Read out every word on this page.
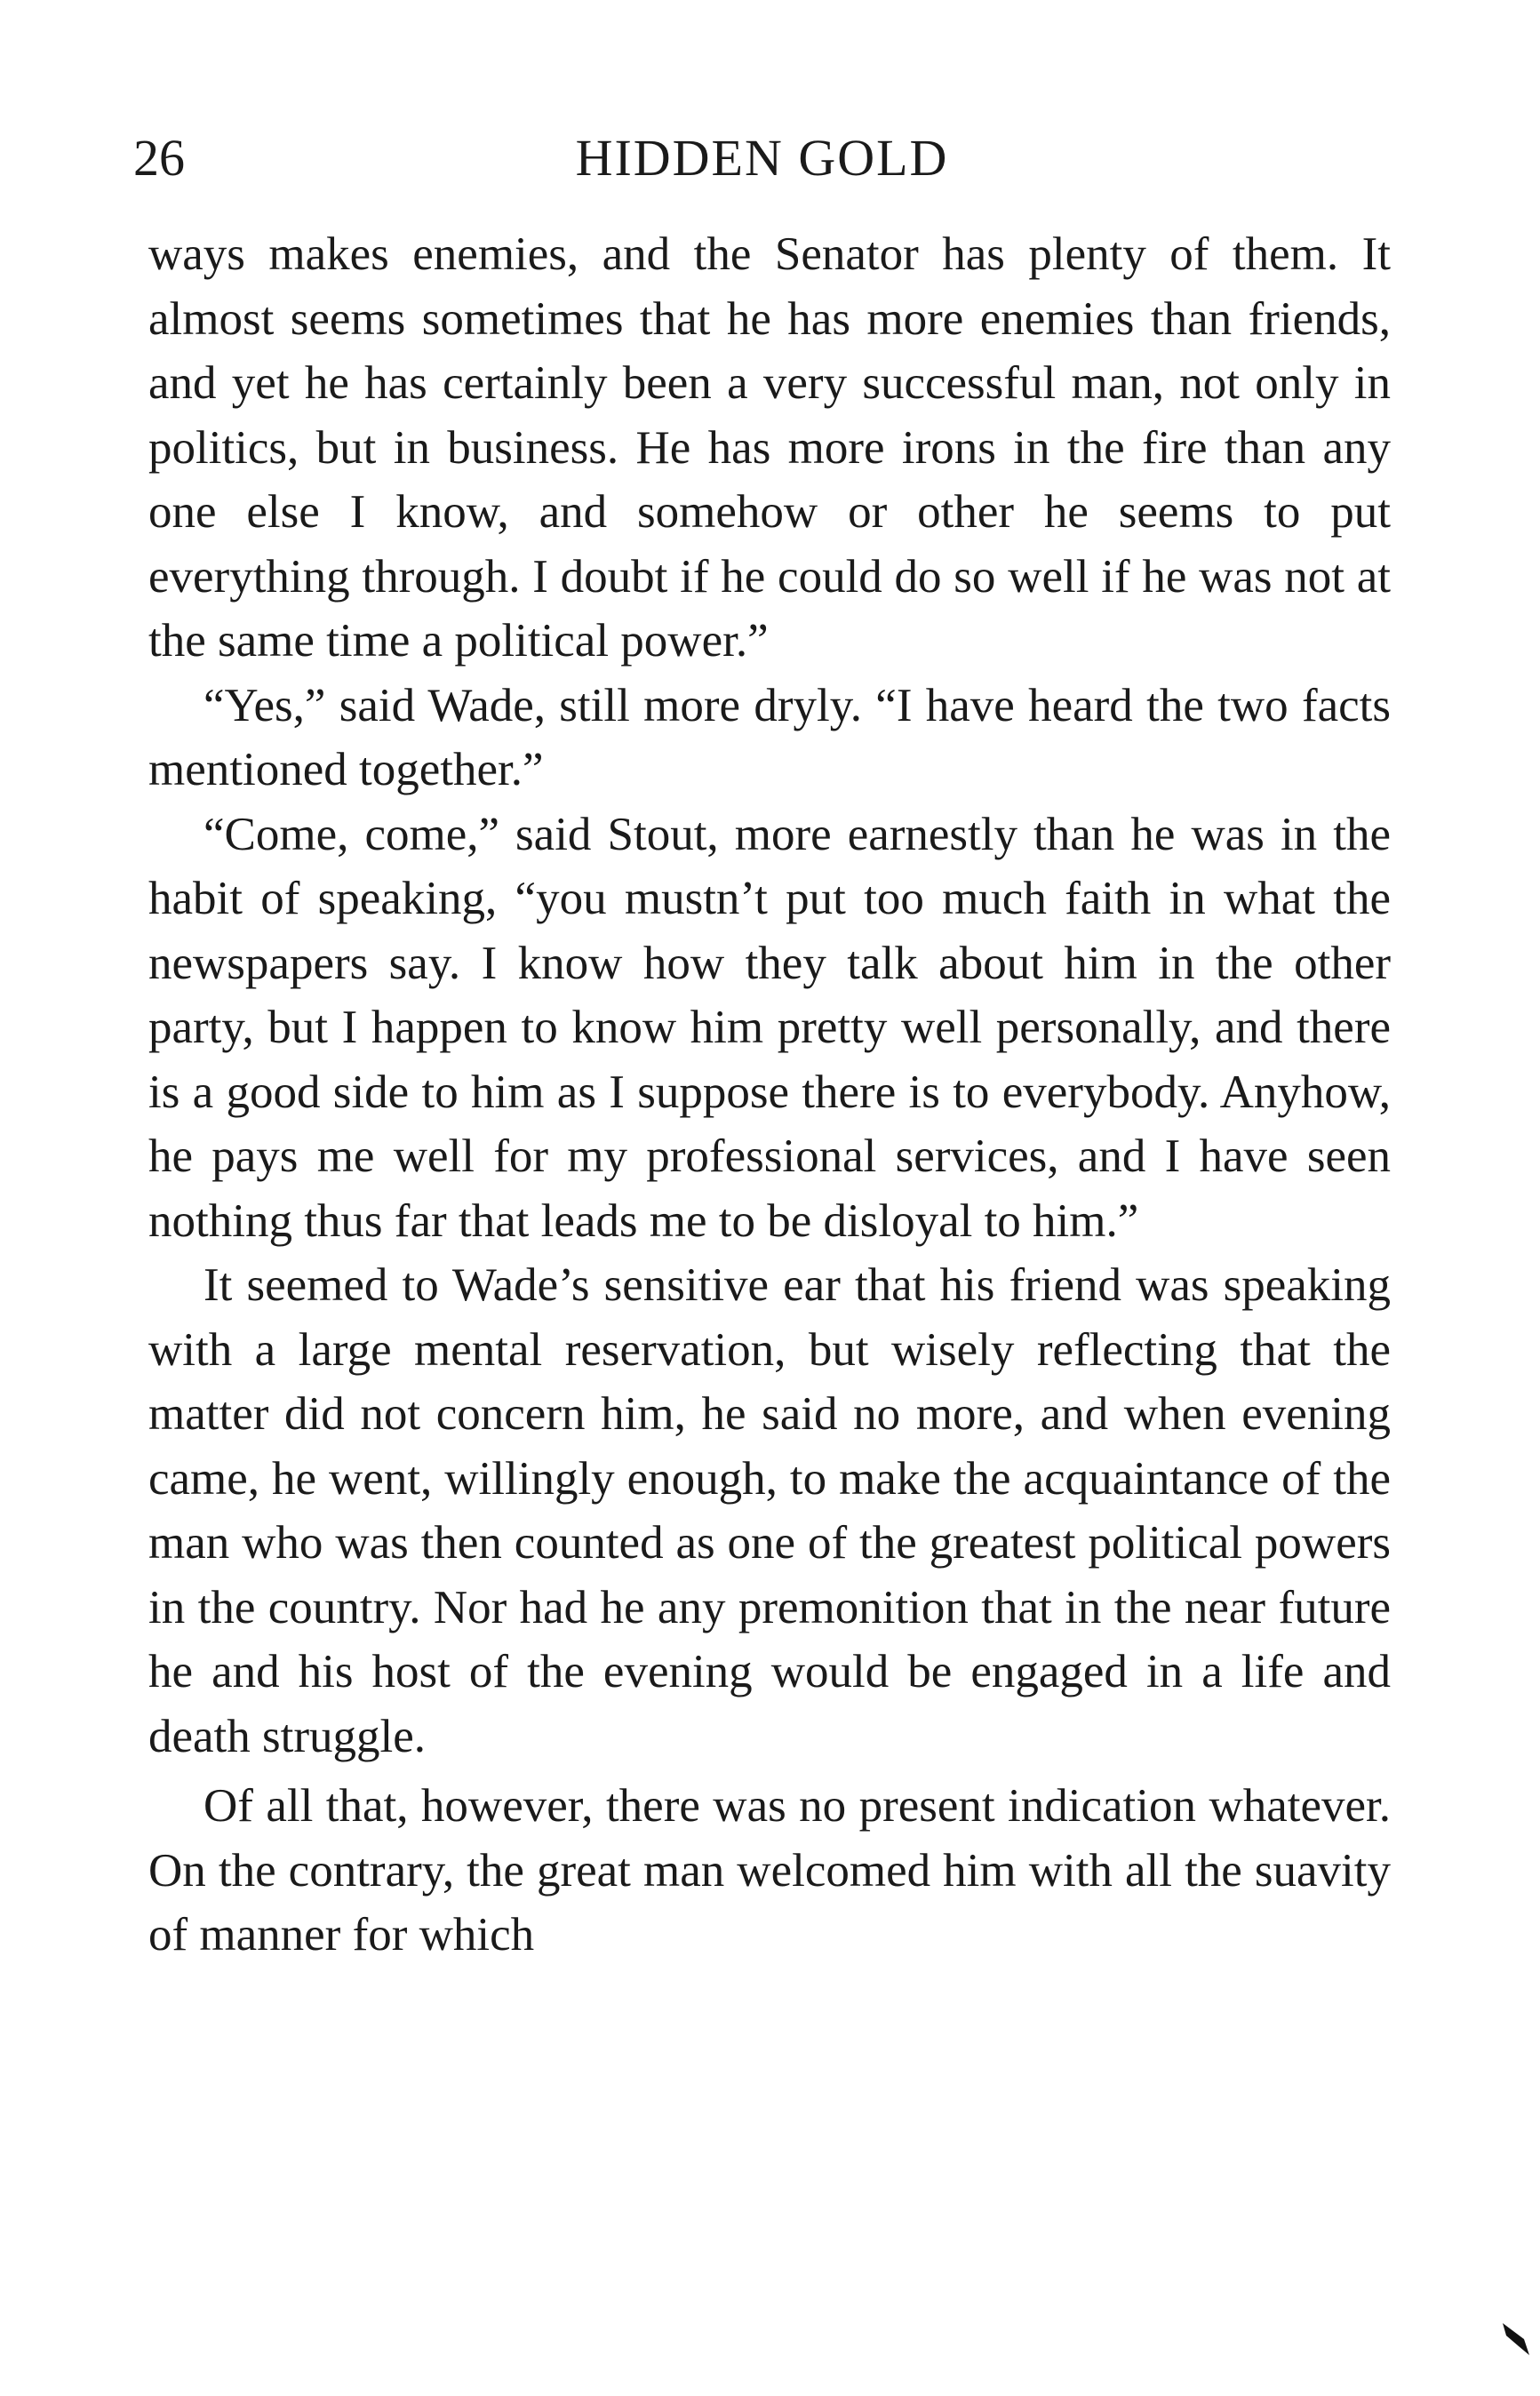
26	HIDDEN GOLD

ways makes enemies, and the Senator has plenty of them. It almost seems sometimes that he has more enemies than friends, and yet he has certainly been a very successful man, not only in politics, but in business. He has more irons in the fire than any one else I know, and somehow or other he seems to put everything through. I doubt if he could do so well if he was not at the same time a political power.”

“Yes,” said Wade, still more dryly. “I have heard the two facts mentioned together.”

“Come, come,” said Stout, more earnestly than he was in the habit of speaking, “you mustn’t put too much faith in what the newspapers say. I know how they talk about him in the other party, but I happen to know him pretty well personally, and there is a good side to him as I suppose there is to everybody. Anyhow, he pays me well for my professional services, and I have seen nothing thus far that leads me to be disloyal to him.”

It seemed to Wade’s sensitive ear that his friend was speaking with a large mental reservation, but wisely reflecting that the matter did not concern him, he said no more, and when evening came, he went, willingly enough, to make the acquaintance of the man who was then counted as one of the greatest political powers in the country. Nor had he any premonition that in the near future he and his host of the evening would be engaged in a life and death struggle.

Of all that, however, there was no present indication whatever. On the contrary, the great man welcomed him with all the suavity of manner for which
